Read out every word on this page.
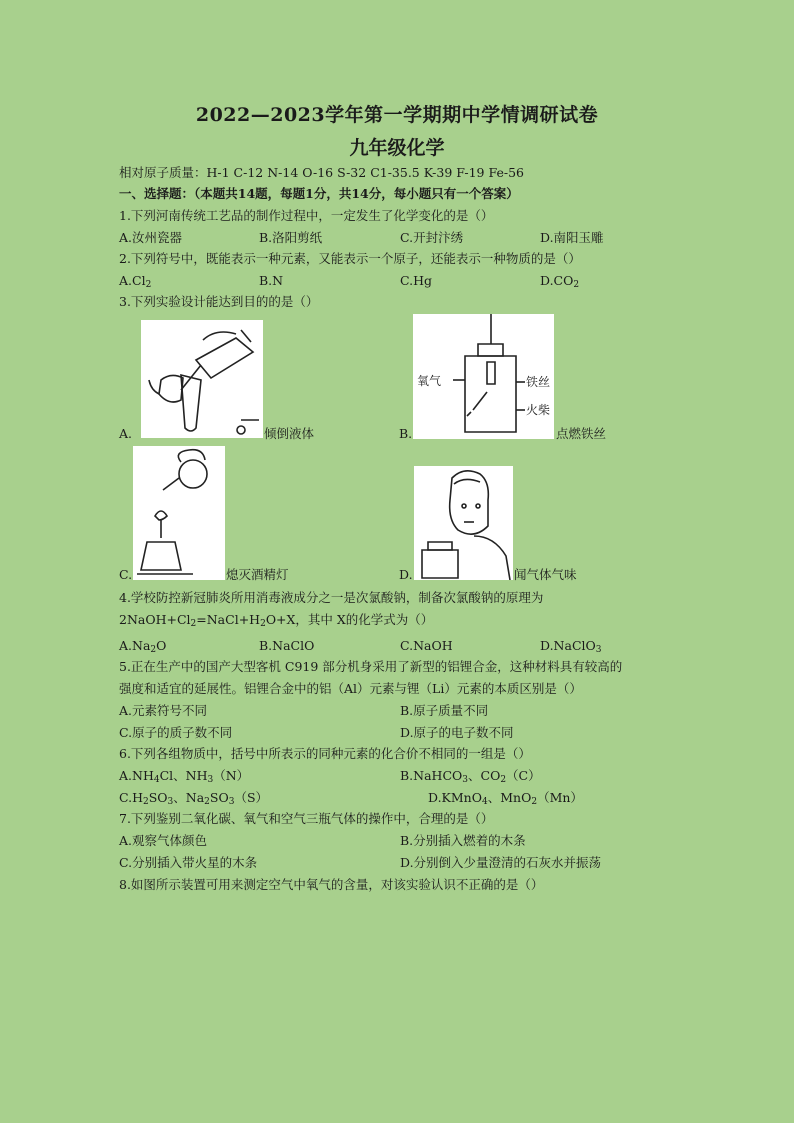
2022—2023学年第一学期期中学情调研试卷
九年级化学
相对原子质量：H-1 C-12 N-14 O-16 S-32 C1-35.5 K-39 F-19 Fe-56
一、选择题：（本题共14题，每题1分，共14分，每小题只有一个答案）
1.下列河南传统工艺品的制作过程中，一定发生了化学变化的是（）
A.汝州瓷器	B.洛阳剪纸	C.开封汴绣	D.南阳玉雕
2.下列符号中，既能表示一种元素，又能表示一个原子，还能表示一种物质的是（）
$A.Cl_2$	B.N	C.Hg	$D.CO_2$
3.下列实验设计能达到目的的是（）
A.	倾倒液体
氧气	铁丝
火柴
B.	点燃铁丝
C.	熄灭酒精灯	D.	闻气体气味
4.学校防控新冠肺炎所用消毒液成分之一是次氯酸钠，制备次氯酸钠的原理为
$2NaOH+Cl_2=NaCl+H_2O+X$，其中 X的化学式为（）
$A.Na_2O$	B.NaClO	C.NaOH	D.NaClO$_3$
5.正在生产中的国产大型客机 C919 部分机身采用了新型的铝锂合金，这种材料具有较高的
强度和适宜的延展性。铝锂合金中的铝（Al）元素与锂（Li）元素的本质区别是（）
A.元素符号不同	B.原子质量不同
C.原子的质子数不同	D.原子的电子数不同
6.下列各组物质中，括号中所表示的同种元素的化合价不相同的一组是（）
$A.NH_4Cl$、$NH_3(N)$	B.NaHCO$_3$、$CO_2(C)$
$C.H_2SO_3$、$Na_2SO_3(S)$	D.KMnO$_4$、MnO$_2$（Mn）
7.下列鉴别二氧化碳、氧气和空气三瓶气体的操作中，合理的是（）
A.观察气体颜色	B.分别插入燃着的木条
C.分别插入带火星的木条	D.分别倒入少量澄清的石灰水并振荡
8.如图所示装置可用来测定空气中氧气的含量，对该实验认识不正确的是（）
